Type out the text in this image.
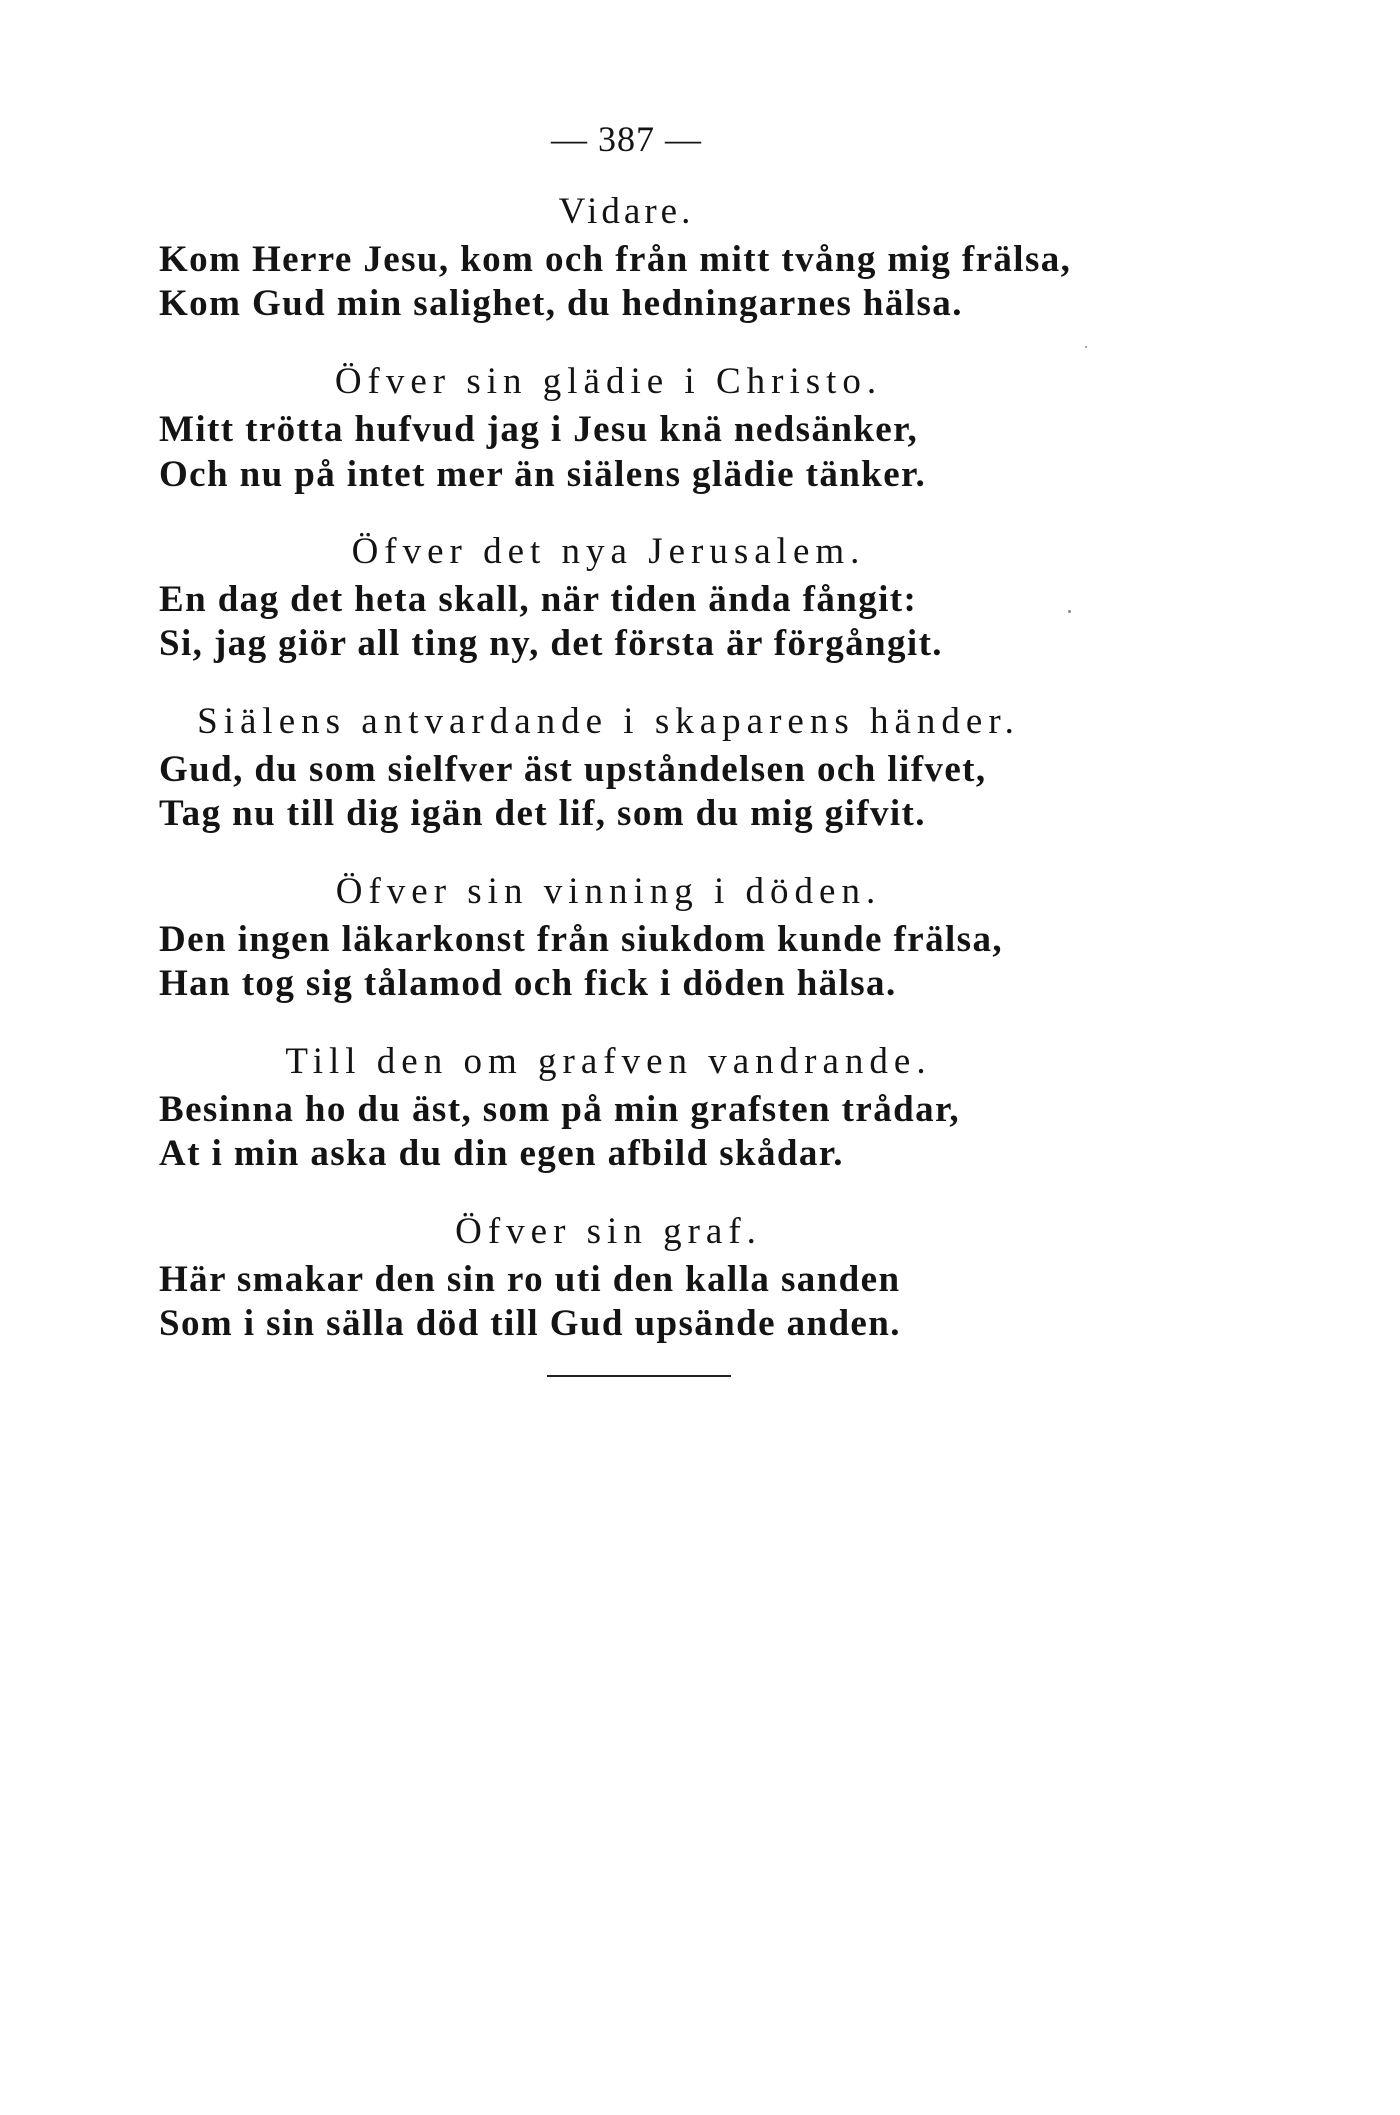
— 387 —
Vidare.
Kom Herre Jesu, kom och från mitt tvång mig frälsa,
Kom Gud min salighet, du hedningarnes hälsa.
Öfver sin glädie i Christo.
Mitt trötta hufvud jag i Jesu knä nedsänker,
Och nu på intet mer än siälens glädie tänker.
Öfver det nya Jerusalem.
En dag det heta skall, när tiden ända fångit:
Si, jag giör all ting ny, det första är förgångit.
Siälens antvardande i skaparens händer.
Gud, du som sielfver äst upståndelsen och lifvet,
Tag nu till dig igän det lif, som du mig gifvit.
Öfver sin vinning i döden.
Den ingen läkarkonst från siukdom kunde frälsa,
Han tog sig tålamod och fick i döden hälsa.
Till den om grafven vandrande.
Besinna ho du äst, som på min grafsten trådar,
At i min aska du din egen afbild skådar.
Öfver sin graf.
Här smakar den sin ro uti den kalla sanden
Som i sin sälla död till Gud upsände anden.
